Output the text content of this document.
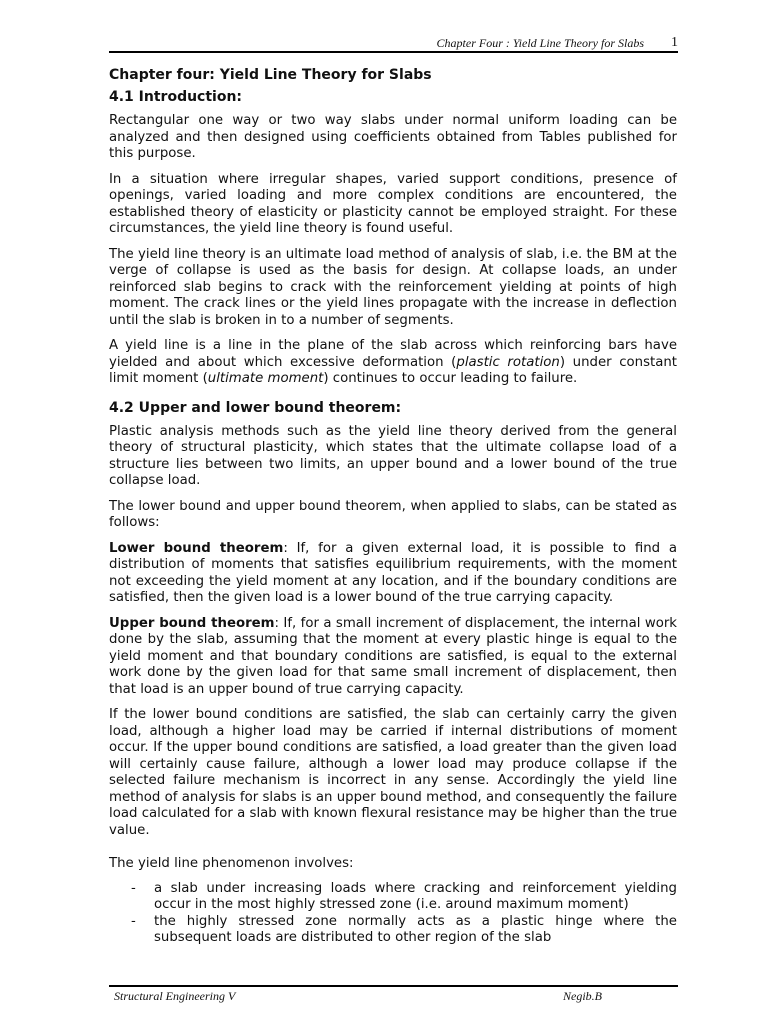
Chapter Four : Yield Line Theory for Slabs 1
Chapter four: Yield Line Theory for Slabs
4.1 Introduction:

Rectangular one way or two way slabs under normal uniform loading can be analyzed and then designed using coefficients obtained from Tables published for this purpose.

In a situation where irregular shapes, varied support conditions, presence of openings, varied loading and more complex conditions are encountered, the established theory of elasticity or plasticity cannot be employed straight. For these circumstances, the yield line theory is found useful.

The yield line theory is an ultimate load method of analysis of slab, i.e. the BM at the verge of collapse is used as the basis for design. At collapse loads, an under reinforced slab begins to crack with the reinforcement yielding at points of high moment. The crack lines or the yield lines propagate with the increase in deflection until the slab is broken in to a number of segments.

A yield line is a line in the plane of the slab across which reinforcing bars have yielded and about which excessive deformation (plastic rotation) under constant limit moment (ultimate moment) continues to occur leading to failure.

4.2 Upper and lower bound theorem:

Plastic analysis methods such as the yield line theory derived from the general theory of structural plasticity, which states that the ultimate collapse load of a structure lies between two limits, an upper bound and a lower bound of the true collapse load.

The lower bound and upper bound theorem, when applied to slabs, can be stated as follows:

Lower bound theorem: If, for a given external load, it is possible to find a distribution of moments that satisfies equilibrium requirements, with the moment not exceeding the yield moment at any location, and if the boundary conditions are satisfied, then the given load is a lower bound of the true carrying capacity.

Upper bound theorem: If, for a small increment of displacement, the internal work done by the slab, assuming that the moment at every plastic hinge is equal to the yield moment and that boundary conditions are satisfied, is equal to the external work done by the given load for that same small increment of displacement, then that load is an upper bound of true carrying capacity.

If the lower bound conditions are satisfied, the slab can certainly carry the given load, although a higher load may be carried if internal distributions of moment occur. If the upper bound conditions are satisfied, a load greater than the given load will certainly cause failure, although a lower load may produce collapse if the selected failure mechanism is incorrect in any sense. Accordingly the yield line method of analysis for slabs is an upper bound method, and consequently the failure load calculated for a slab with known flexural resistance may be higher than the true value.

The yield line phenomenon involves:

- a slab under increasing loads where cracking and reinforcement yielding occur in the most highly stressed zone (i.e. around maximum moment)
- the highly stressed zone normally acts as a plastic hinge where the subsequent loads are distributed to other region of the slab
Structural Engineering V	Negib.B
